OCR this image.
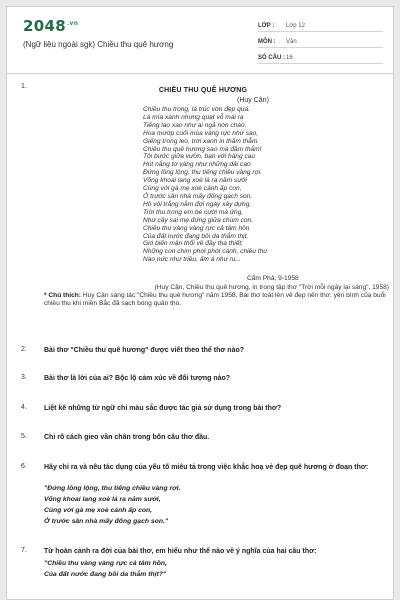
$2048^{.vn}$
(Ngữ liệu ngoài sgk) Chiều thu quê hương
LỚP :	Lớp 12
MÔN :	Văn
SỐ CÂU : 16
1.
CHIỀU THU QUÊ HƯƠNG
(Huy Cận)
Chiều thu trong, lá trúc vờn đẹp quá.
Lá mía xanh nhưng quạt vỗ mái rạ
Tiếng lao xao như ai ngả nón chào.
Hoa mướp cuối mùa vàng rực như sao,
Giếng trong leo, trời xanh in thăm thẳm.
Chiều thu quê hương sao mà đằm thắm!
Tôi bước giữa vườn, bạn với hàng cau
Hút nắng tơ vàng như những dải cao
Đứng lồng lộng, thu tiếng chiều vàng rợi.
Võng khoai lang xoè lá ra năm sưởi
Cùng với gà mẹ xoè cánh ấp con,
Ở trước sân nhà mấy đống gạch son,
Hồ vôi trắng nằm đợi ngày xây dựng.
Trời thu trong em bé cười mà ửng,
Như cây sai mẹ đứng giữa chùm con.
Chiều thu vàng vàng rực cả tâm hồn
Của đất nước đang bồi da thắm thịt.
Gió biến mận thổi về đầy tha thiết;
Những con chim phơi phới cánh, chiều thu
Nào nức như triều, ấm á như ru...
Cẩm Phả, 9-1958
(Huy Cận, Chiều thu quê hương, in trong tập thơ "Trời mỗi ngày lại sáng", 1958)
* Chú thích: Huy Cận sáng tác "Chiều thu quê hương" năm 1958. Bài thơ toát lên vẻ đẹp nên thơ, yên bình của buổi chiều thu khi miền Bắc đã sạch bóng quân thù.
2. Bài thơ "Chiều thu quê hương" được viết theo thể thơ nào?
3. Bài thơ là lời của ai? Bộc lộ cảm xúc về đối tượng nào?
4. Liệt kê những từ ngữ chỉ màu sắc được tác giả sử dụng trong bài thơ?
5. Chỉ rõ cách gieo vần chân trong bốn câu thơ đầu.
6. Hãy chỉ ra và nêu tác dụng của yếu tố miêu tả trong việc khắc hoạ vẻ đẹp quê hương ở đoạn thơ:
"Đứng lồng lộng, thu tiếng chiều vàng rợi.
Võng khoai lang xoè lá ra năm sưởi,
Cùng với gà mẹ xoè cánh ấp con,
Ở trước sân nhà mấy đống gạch son."
7. Từ hoàn cảnh ra đời của bài thơ, em hiểu như thế nào về ý nghĩa của hai câu thơ:
"Chiều thu vàng vàng rực cả tâm hồn,
Của đất nước đang bồi da thắm thịt?"
